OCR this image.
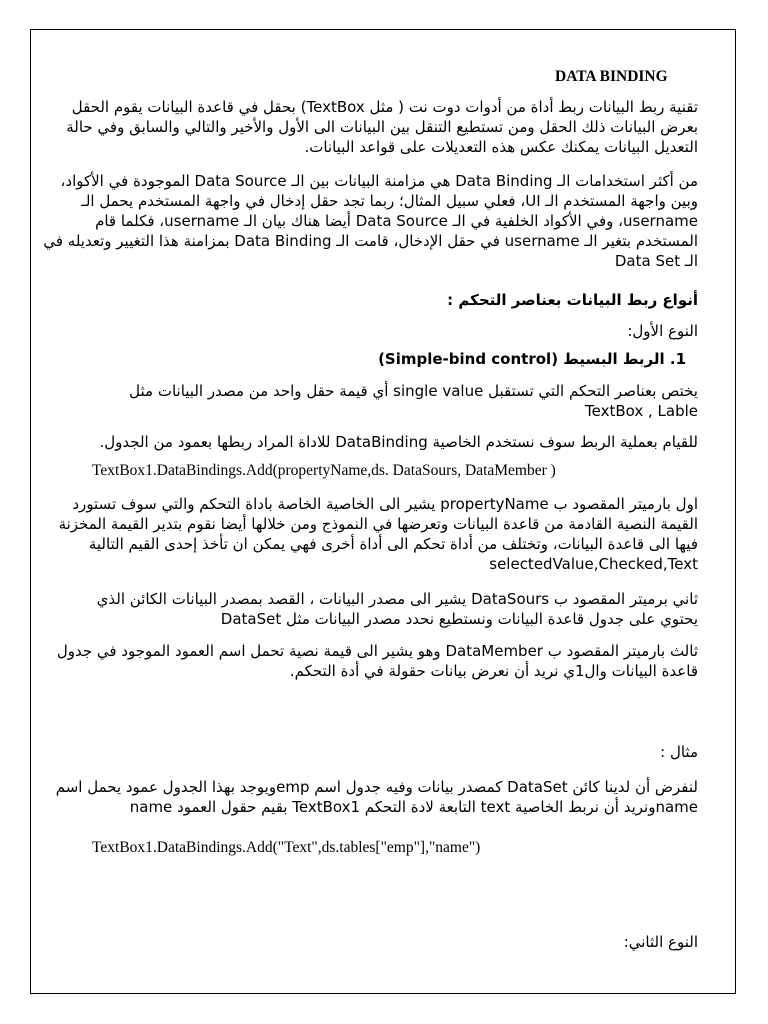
DATA BINDING
تقنية ربط البيانات ربط أداة من أدوات دوت نت ( مثل TextBox) بحقل في قاعدة البيانات يقوم الحقل
بعرض البيانات ذلك الحقل ومن تستطيع التنقل بين البيانات الى الأول والأخير والتالي والسابق وفي حالة
التعديل البيانات يمكنك عكس هذه التعديلات على قواعد البيانات.
من أكثر استخدامات الـ Data Binding هي مزامنة البيانات بين الـ Data Source الموجودة في الأكواد،
وبين واجهة المستخدم الـ UI، فعلي سبيل المثال؛ ربما تجد حقل إدخال في واجهة المستخدم يحمل الـ
username، وفي الأكواد الخلفية في الـ Data Source أيضا هناك بيان الـ username، فكلما قام
المستخدم بتغير الـ username في حقل الإدخال، قامت الـ Data Binding بمزامنة هذا التغيير وتعديله في
الـ Data Set
أنواع ربط البيانات بعناصر التحكم :
النوع الأول:
1. الربط البسيط (Simple-bind control)
يختص بعناصر التحكم التي تستقبل single value أي قيمة حقل واحد من مصدر البيانات مثل
TextBox , Lable
للقيام بعملية الربط سوف نستخدم الخاصية DataBinding للاداة المراد ربطها بعمود من الجدول.
TextBox1.DataBindings.Add(propertyName,ds. DataSours, DataMember )
اول بارميتر المقصود ب propertyName يشير الى الخاصية الخاصة باداة التحكم والتي سوف تستورد
القيمة النصية القادمة من قاعدة البيانات وتعرضها في النموذج ومن خلالها أيضا نقوم بتدير القيمة المخزنة
فيها الى قاعدة البيانات، وتختلف من أداة تحكم الى أداة أخرى فهي يمكن ان تأخذ إحدى القيم التالية
selectedValue,Checked,Text
ثاني برميتر المقصود ب DataSours يشير الى مصدر البيانات ، القصد بمصدر البيانات الكائن الذي
يحتوي على جدول قاعدة البيانات ونستطيع نحدد مصدر البيانات مثل DataSet
ثالث بارميتر المقصود ب DataMember وهو يشير الى قيمة نصية تحمل اسم العمود الموجود في جدول
قاعدة البيانات وال1ي نريد أن نعرض بيانات حقولة في أدة التحكم.
مثال :
لنفرض أن لدينا كائن DataSet كمصدر بيانات وفيه جدول اسم empويوجد بهذا الجدول عمود يحمل اسم
nameونريد أن نربط الخاصية text التابعة لادة التحكم TextBox1 بقيم حقول العمود name
TextBox1.DataBindings.Add("Text",ds.tables["emp"],"name")
النوع الثاني:
